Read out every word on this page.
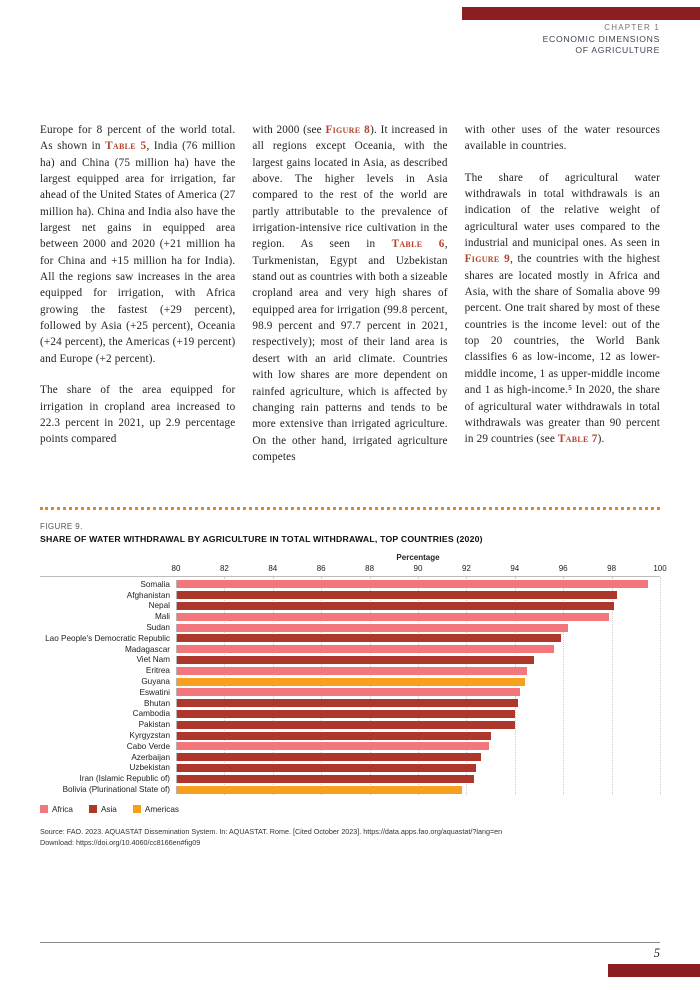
CHAPTER 1
ECONOMIC DIMENSIONS
OF AGRICULTURE

Europe for 8 percent of the world total. As shown in Table 5, India (76 million ha) and China (75 million ha) have the largest equipped area for irrigation, far ahead of the United States of America (27 million ha). China and India also have the largest net gains in equipped area between 2000 and 2020 (+21 million ha for China and +15 million ha for India). All the regions saw increases in the area equipped for irrigation, with Africa growing the fastest (+29 percent), followed by Asia (+25 percent), Oceania (+24 percent), the Americas (+19 percent) and Europe (+2 percent).

The share of the area equipped for irrigation in cropland area increased to 22.3 percent in 2021, up 2.9 percentage points compared

with 2000 (see Figure 8). It increased in all regions except Oceania, with the largest gains located in Asia, as described above. The higher levels in Asia compared to the rest of the world are partly attributable to the prevalence of irrigation-intensive rice cultivation in the region. As seen in Table 6, Turkmenistan, Egypt and Uzbekistan stand out as countries with both a sizeable cropland area and very high shares of equipped area for irrigation (99.8 percent, 98.9 percent and 97.7 percent in 2021, respectively); most of their land area is desert with an arid climate. Countries with low shares are more dependent on rainfed agriculture, which is affected by changing rain patterns and tends to be more extensive than irrigated agriculture. On the other hand, irrigated agriculture competes

with other uses of the water resources available in countries.

The share of agricultural water withdrawals in total withdrawals is an indication of the relative weight of agricultural water uses compared to the industrial and municipal ones. As seen in Figure 9, the countries with the highest shares are located mostly in Africa and Asia, with the share of Somalia above 99 percent. One trait shared by most of these countries is the income level: out of the top 20 countries, the World Bank classifies 6 as low-income, 12 as lower-middle income, 1 as upper-middle income and 1 as high-income.⁵ In 2020, the share of agricultural water withdrawals in total withdrawals was greater than 90 percent in 29 countries (see Table 7).

FIGURE 9.
SHARE OF WATER WITHDRAWAL BY AGRICULTURE IN TOTAL WITHDRAWAL, TOP COUNTRIES (2020)
Percentage
80	82	84	86	88	90	92	94	96	98	100
Somalia
Afghanistan
Nepal
Mali
Sudan
Lao People's Democratic Republic
Madagascar
Viet Nam
Eritrea
Guyana
Eswatini
Bhutan
Cambodia
Pakistan
Kyrgyzstan
Cabo Verde
Azerbaijan
Uzbekistan
Iran (Islamic Republic of)
Bolivia (Plurinational State of)
Africa	Asia	Americas
Source: FAO. 2023. AQUASTAT Dissemination System. In: AQUASTAT. Rome. [Cited October 2023]. https://data.apps.fao.org/aquastat/?lang=en
Download: https://doi.org/10.4060/cc8166en#fig09
5
